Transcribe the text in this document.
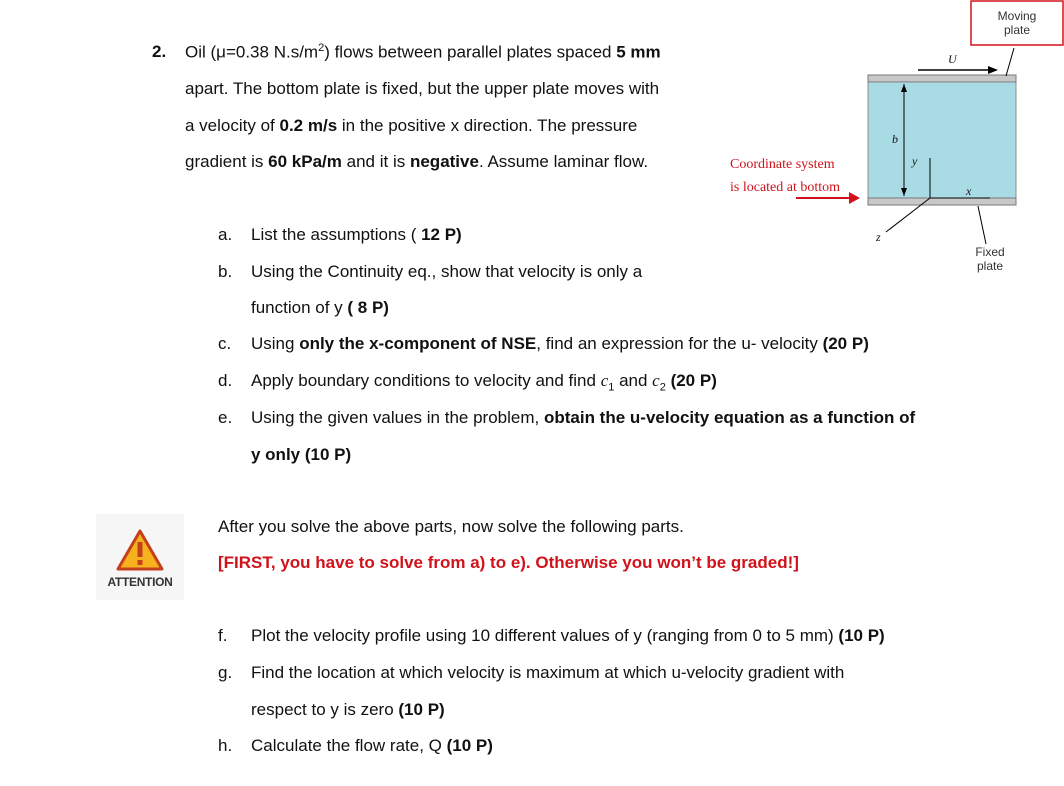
2. Oil (μ=0.38 $N.s/m^2$) flows between parallel plates spaced 5 mm
apart. The bottom plate is fixed, but the upper plate moves with
a velocity of 0.2 m/s in the positive x direction. The pressure
gradient is 60 kPa/m and it is negative. Assume laminar flow.	Coordinate system
is located at bottom
Moving
plate
Fixed
plate
U
b
y
x
z
a.	List the assumptions ( 12 P)
b.	Using the Continuity eq., show that velocity is only a
function of y ( 8 P)
c.	Using only the x-component of NSE, find an expression for the u- velocity (20 P)
d.	Apply boundary conditions to velocity and find $c_1$ and $c_2$ (20 P)
e.	Using the given values in the problem, obtain the u-velocity equation as a function of
y only (10 P)
ATTENTION
After you solve the above parts, now solve the following parts.
[FIRST, you have to solve from a) to e). Otherwise you won’t be graded!]
f.	Plot the velocity profile using 10 different values of y (ranging from 0 to 5 mm) (10 P)
g.	Find the location at which velocity is maximum at which u-velocity gradient with
respect to y is zero (10 P)
h.	Calculate the flow rate, Q (10 P)
